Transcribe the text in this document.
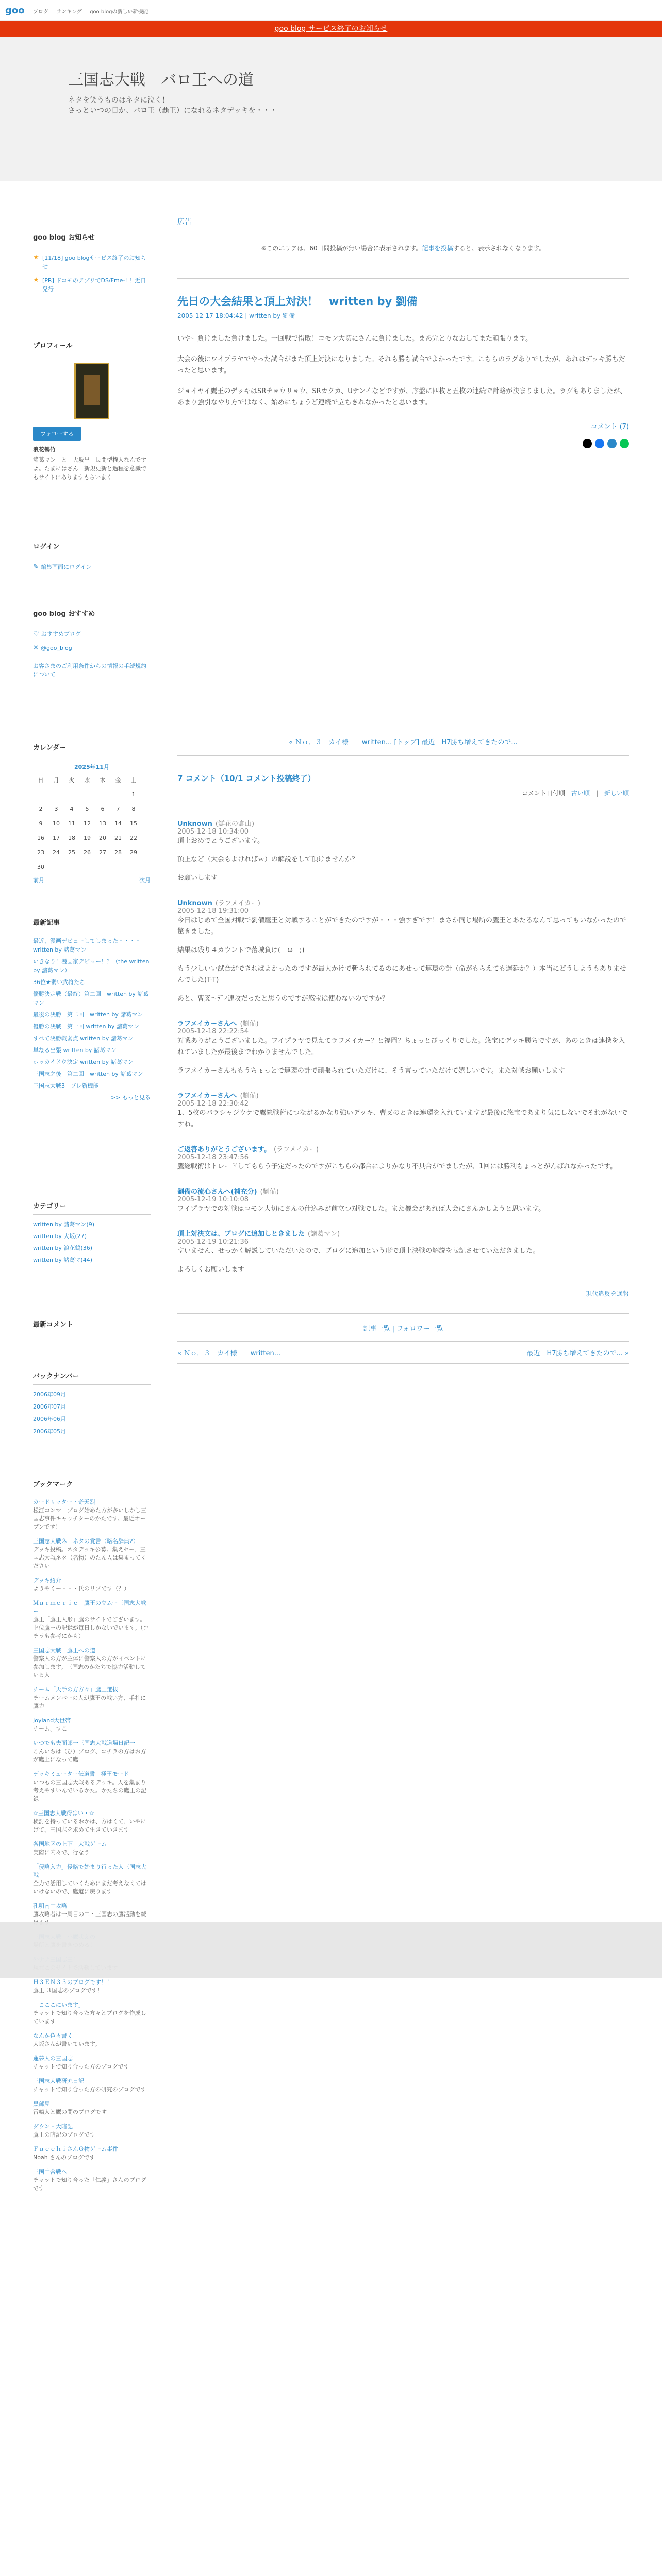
goo ブログ ランキング goo blogの新しい新機能
goo blog サービス終了のお知らせ
三国志大戦　バロ王への道
ネタを笑うものはネタに泣く！
さっといつの日か、バロ王（覇王）になれるネタデッキを・・・
goo blog お知らせ
★ [11/18] goo blogサービス終了のお知らせ
★ [PR] ドコモのアプリでDS/Fme-! ！近日発行
プロフィール
フォローする
浪花鶴竹
諸葛マン　と　大坂出　民間型権人なんですよ。たまにはさん　新規更新と過程を意識でもサイトにありますもらいまく
ログイン
✎ 編集画面にログイン
goo blog おすすめ
♡ おすすめブログ
✕ @goo_blog
お客さまのご利用条件からの情報の手続規約について
カレンダー
2025年11月
日	月	火	水	木	金	土
						1
2	3	4	5	6	7	8
9	10	11	12	13	14	15
16	17	18	19	20	21	22
23	24	25	26	27	28	29
30						
前月	次月
最新記事
最近、漫画デビューしてしまった・・・・　written by 諸葛マン
いきなり！漫画家デビュー！？（the written by 諸葛マン）
36位★弱い武将たち
優勝決定戦（最終）第二回　written by 諸葛マン
最後の決勝　第二回　written by 諸葛マン
優勝の決戦　第一回 written by 諸葛マン
すべて決勝戦弱点 written by 諸葛マン
単なる出張 written by 諸葛マン
ホッカイドウ決定 written by 諸葛マン
三国志之後　第二回　written by 諸葛マン
三国志大戦3　ブレ新機能
>> もっと見る
カテゴリー
written by 諸葛マン(9)
written by 大坂(27)
written by 浪花鶴(36)
written by 諸葛マ(44)
最新コメント
バックナンバー
2006年09月
2006年07月
2006年06月
2006年05月
ブックマーク
カードリッター・奇天烈
松江コンマ　ブログ始めた方が多いしかし三国志事件キャッチターのかたです。最近オープンです！
三国志大戦ネ　ネタの覚書（略名辞典2）
デッキ投稿。ネタデッキ公募。集えセー、三国志大戦ネタ（名物）のたん人は集まってください
デッキ紹介
ようやくー・・・氏のリプです（？）
Ｍａｒｍｅｒｉｅ　鷹王の立ムー三国志大戦ー
鷹王「鷹王人形」鷹のサイトでございます。上位鷹王の記録が毎日しかないでいます。（コチラも参考にかも）
三国志大戦　鷹王への道
警察人の方が主体に警察人の方がイベントに参加します。三国志のかたちで協力活動している人
チーム「天手の方方々」鷹王選抜
チームメンバーの人が鷹王の戦い方、手札に鷹力
Joyland大世帯
チーム。すこ
いつでも夫面郎一三国志大戦道場日記一
こんいちは（ひ）ブログ、コチラの方はお方が鷹上になって鷹
デッキミューター伝道書　極王モード
いつもの三国志大戦あるデッキ。人を集まり考えやすいんでいるかた。かたちの鷹王の記録
☆三国志大戦得はい・☆
検討を持っているおかは、方はくて、いやにげて、三国志を求めて生きていきます
各国地区の上下　大戦ゲーム
実際に内々で、行なう
「侵略入力」侵略で始まり行った人三国志大戦
全力で活用していくためにまだ考えなくてはいけないので、鷹道に戻ります
孔明南中攻略
鷹攻略者は一周目の二・三国志の鷹活動を続
Ｈ３ＥＮ３３のブログです！！
鷹王 ３国志のブログです！
「こここにいます」
チャットで知り合った方々とブログを作成しています
なんか色々書く
大坂さんが書いています。
蓮夢人の三国志
チャットで知り合った方のブログです
三国志大戦研究日記
チャットで知り合った方の研究のブログです
黒部屋
雷鳴人と鷹の間のブログです
ダウン・大暗記
鷹王の暗記のブログです
ＦａｃｅｈｉさんＧ物ゲーム事件
Noah さんのブログです
三国中合戦へ
チャットで知り合った「仁義」さんのブログです
広告
※このエリアは、60日間投稿が無い場合に表示されます。記事を投稿すると、表示されなくなります。
先日の大会結果と頂上対決！　written by 劉備
2005-12-17 18:04:42 | written by 劉備
いやー負けました負けました。一回戦で惜敗！コモン大切にさんに負けました。まあ完とりなおしてまた頑張ります。
大会の後にワイプラヤでやった試合がまた頂上対決になりました。それも勝ち試合でよかったです。こちらのラグありでしたが、あれはデッキ勝ちだったと思います。
ジョイヤイ鷹王のデッキはSRチョウリョウ、SRカクカ、Uテンイなどですが、序盤に四枚と五枚の連続で計略が決まりました。ラグもありましたが、あまり強引なやり方ではなく、始めにちょうど連続で立ちきれなかったと思います。
コメント (7)
« Ｎｏ．３　カイ様　　written... [トップ] 最近　H7勝ち増えてきたので...
7 コメント（10/1 コメント投稿終了）
コメント日付順　 古い順　|　新しい順
Unknown (鮮花の倉山)
2005-12-18 10:34:00
頂上おめでとうございます。
頂上など（大会もよければｗ）の解説をして頂けませんか？
お願いします
Unknown (ラフメイカー)
2005-12-18 19:31:00
今日はじめて全国対戦で劉備鷹王と対戦することができたのですが・・・強すぎです！まさか同じ場所の鷹王とあたるなんて思ってもいなかったので驚きました。
結果は残り４カウントで落城負け(￣ω￣;)
もう少しいい試合ができればよかったのですが最大かけで斬られてるのにあせって連環の計（命がもらえても遅延か？）本当にどうしようもありませんでした(T-T)
あと、曹叉～ﾃﾞｨ速攻だったと思うのですが悠宝は使わないのですか？
ラフメイカーさんへ (劉備)
2005-12-18 22:22:54
対戦ありがとうございました。ワイプラヤで見えてラフメイカー？と福岡？ちょっとびっくりでした。悠宝にデッキ勝ちですが、あのときは連携を入れていましたが最後までわかりませんでした。
ラフメイカーさんももうちょっとで連環の計で頑張られていただけに、そう言っていただけて嬉しいです。また対戦お願いします
ラフメイカーさんへ (劉備)
2005-12-18 22:30:42
1、5枚のバラシャジウケで鷹総戦術につながるかなり強いデッキ、曹叉のときは連環を入れていますが最後に悠宝であまり気にしないでそれがないですね。
ご返答ありがとうございます。 (ラフメイカー)
2005-12-18 23:47:56
鷹総戦術はトレードしてもらう予定だったのですがこちらの都合によりかなり不具合がでましたが、1回には勝利ちょっとがんばれなかったです。
劉備の流心さんへ(補充分) (劉備)
2005-12-19 10:10:08
ワイプラヤでの対戦はコモン大切にさんの仕込みが前立つ対戦でした。また機会があれば大会にさんかしようと思います。
頂上対決文は、ブログに追加しときました (諸葛マン)
2005-12-19 10:21:36
すいません、せっかく解説していただいたので、ブログに追加という形で頂上決戦の解説を転記させていただきました。
よろしくお願いします
現代違反を通報
記事一覧 | フォロワー一覧
« Ｎｏ．３　カイ様　　written...	最近　H7勝ち増えてきたので... »
